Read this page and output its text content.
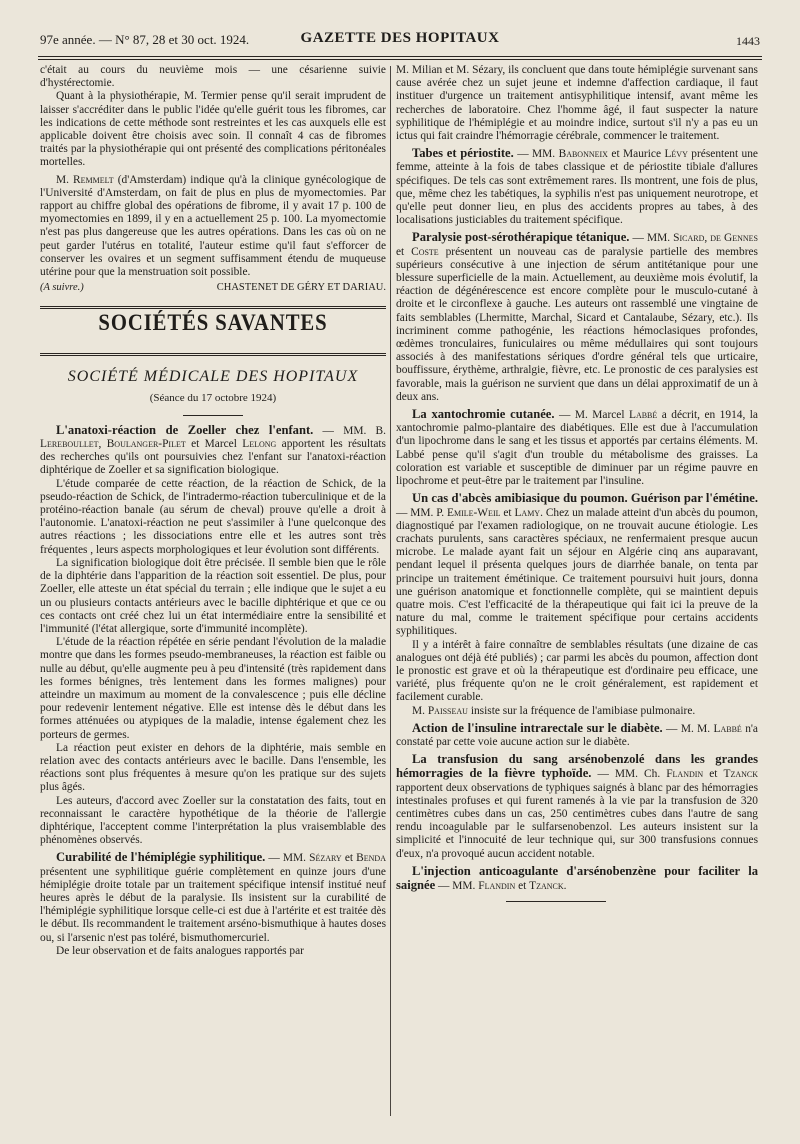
97e année. — N° 87, 28 et 30 oct. 1924.	GAZETTE DES HOPITAUX	1443

c'était au cours du neuvième mois — une césarienne suivie d'hystérectomie.

Quant à la physiothérapie, M. Termier pense qu'il serait imprudent de laisser s'accréditer dans le public l'idée qu'elle guérit tous les fibromes, car les indications de cette méthode sont restreintes et les cas auxquels elle est applicable doivent être choisis avec soin. Il connaît 4 cas de fibromes traités par la physiothérapie qui ont présenté des complications péritonéales mortelles.

M. Remmelt (d'Amsterdam) indique qu'à la clinique gynécologique de l'Université d'Amsterdam, on fait de plus en plus de myomectomies. Par rapport au chiffre global des opérations de fibrome, il y avait 17 p. 100 de myomectomies en 1899, il y en a actuellement 25 p. 100. La myomectomie n'est pas plus dangereuse que les autres opérations. Dans les cas où on ne peut garder l'utérus en totalité, l'auteur estime qu'il faut s'efforcer de conserver les ovaires et un segment suffisamment étendu de muqueuse utérine pour que la menstruation soit possible.

(A suivre.)	CHASTENET DE GÉRY ET DARIAU.
SOCIÉTÉS SAVANTES

SOCIÉTÉ MÉDICALE DES HOPITAUX

(Séance du 17 octobre 1924)

L'anatoxi-réaction de Zoeller chez l'enfant. — MM. B. Lereboullet, Boulanger-Pilet et Marcel Lelong apportent les résultats des recherches qu'ils ont poursuivies chez l'enfant sur l'anatoxi-réaction diphtérique de Zoeller et sa signification biologique.

L'étude comparée de cette réaction, de la réaction de Schick, de la pseudo-réaction de Schick, de l'intradermo-réaction tuberculinique et de la protéino-réaction banale (au sérum de cheval) prouve qu'elle a droit à l'autonomie. L'anatoxi-réaction ne peut s'assimiler à l'une quelconque des autres réactions ; les dissociations entre elle et les autres sont très fréquentes , leurs aspects morphologiques et leur évolution sont différents.

La signification biologique doit être précisée. Il semble bien que le rôle de la diphtérie dans l'apparition de la réaction soit essentiel. De plus, pour Zoeller, elle atteste un état spécial du terrain ; elle indique que le sujet a eu un ou plusieurs contacts antérieurs avec le bacille diphtérique et que ce ou ces contacts ont créé chez lui un état intermédiaire entre la sensibilité et l'immunité (l'état allergique, sorte d'immunité incomplète).

L'étude de la réaction répétée en série pendant l'évolution de la maladie montre que dans les formes pseudo-membraneuses, la réaction est faible ou nulle au début, qu'elle augmente peu à peu d'intensité (très rapidement dans les formes bénignes, très lentement dans les formes malignes) pour atteindre un maximum au moment de la convalescence ; puis elle décline pour redevenir lentement négative. Elle est intense dès le début dans les formes atténuées ou atypiques de la maladie, intense également chez les porteurs de germes.

La réaction peut exister en dehors de la diphtérie, mais semble en relation avec des contacts antérieurs avec le bacille. Dans l'ensemble, les réactions sont plus fréquentes à mesure qu'on les pratique sur des sujets plus âgés.

Les auteurs, d'accord avec Zoeller sur la constatation des faits, tout en reconnaissant le caractère hypothétique de la théorie de l'allergie diphtérique, l'acceptent comme l'interprétation la plus vraisemblable des phénomènes observés.

Curabilité de l'hémiplégie syphilitique. — MM. Sézary et Benda présentent une syphilitique guérie complètement en quinze jours d'une hémiplégie droite totale par un traitement spécifique intensif institué neuf heures après le début de la paralysie. Ils insistent sur la curabilité de l'hémiplégie syphilitique lorsque celle-ci est due à l'artérite et est traitée dès le début. Ils recommandent le traitement arséno-bismuthique à hautes doses ou, si l'arsenic n'est pas toléré, bismuthomercuriel.

De leur observation et de faits analogues rapportés par

M. Milian et M. Sézary, ils concluent que dans toute hémiplégie survenant sans cause avérée chez un sujet jeune et indemne d'affection cardiaque, il faut instituer d'urgence un traitement antisyphilitique intensif, avant même les recherches de laboratoire. Chez l'homme âgé, il faut suspecter la nature syphilitique de l'hémiplégie et au moindre indice, surtout s'il n'y a pas eu un ictus qui fait craindre l'hémorragie cérébrale, commencer le traitement.

Tabes et périostite. — MM. Babonneix et Maurice Lévy présentent une femme, atteinte à la fois de tabes classique et de périostite tibiale d'allures spécifiques. De tels cas sont extrêmement rares. Ils montrent, une fois de plus, que, même chez les tabétiques, la syphilis n'est pas uniquement neurotrope, et qu'elle peut donner lieu, en plus des accidents propres au tabes, à des localisations justiciables du traitement spécifique.

Paralysie post-sérothérapique tétanique. — MM. Sicard, de Gennes et Coste présentent un nouveau cas de paralysie partielle des membres supérieurs consécutive à une injection de sérum antitétanique pour une blessure superficielle de la main. Actuellement, au deuxième mois évolutif, la réaction de dégénérescence est encore complète pour le musculo-cutané à droite et le circonflexe à gauche. Les auteurs ont rassemblé une vingtaine de faits semblables (Lhermitte, Marchal, Sicard et Cantalaube, Sézary, etc.). Ils incriminent comme pathogénie, les réactions hémoclasiques profondes, œdèmes tronculaires, funiculaires ou même médullaires qui sont toujours associés à des manifestations sériques d'ordre général tels que urticaire, bouffissure, érythème, arthralgie, fièvre, etc. Le pronostic de ces paralysies est favorable, mais la guérison ne survient que dans un délai approximatif de un à deux ans.

La xantochromie cutanée. — M. Marcel Labbé a décrit, en 1914, la xantochromie palmo-plantaire des diabétiques. Elle est due à l'accumulation d'un lipochrome dans le sang et les tissus et apportés par certains éléments. M. Labbé pense qu'il s'agit d'un trouble du métabolisme des graisses. La coloration est variable et susceptible de diminuer par un régime pauvre en lipochrome et peut-être par le traitement par l'insuline.

Un cas d'abcès amibiasique du poumon. Guérison par l'émétine. — MM. P. Emile-Weil et Lamy. Chez un malade atteint d'un abcès du poumon, diagnostiqué par l'examen radiologique, on ne trouvait aucune étiologie. Les crachats purulents, sans caractères spéciaux, ne renfermaient presque aucun microbe. Le malade ayant fait un séjour en Algérie cinq ans auparavant, pendant lequel il présenta quelques jours de diarrhée banale, on tenta par principe un traitement émétinique. Ce traitement poursuivi huit jours, donna une guérison anatomique et fonctionnelle complète, qui se maintient depuis quatre mois. C'est l'efficacité de la thérapeutique qui fait ici la preuve de la nature du mal, comme le traitement spécifique pour certains accidents syphilitiques.

Il y a intérêt à faire connaître de semblables résultats (une dizaine de cas analogues ont déjà été publiés) ; car parmi les abcès du poumon, affection dont le pronostic est grave et où la thérapeutique est d'ordinaire peu efficace, une variété, plus fréquente qu'on ne le croit généralement, est rapidement et facilement curable.

M. Paisseau insiste sur la fréquence de l'amibiase pulmonaire.

Action de l'insuline intrarectale sur le diabète. — M. M. Labbé n'a constaté par cette voie aucune action sur le diabète.

La transfusion du sang arsénobenzolé dans les grandes hémorragies de la fièvre typhoïde. — MM. Ch. Flandin et Tzanck rapportent deux observations de typhiques saignés à blanc par des hémorragies intestinales profuses et qui furent ramenés à la vie par la transfusion de 320 centimètres cubes dans un cas, 250 centimètres cubes dans l'autre de sang rendu incoagulable par le sulfarsenobenzol. Les auteurs insistent sur la simplicité et l'innocuité de leur technique qui, sur 300 transfusions connues d'eux, n'a provoqué aucun accident notable.

L'injection anticoagulante d'arsénobenzène pour faciliter la saignée — MM. Flandin et Tzanck.
